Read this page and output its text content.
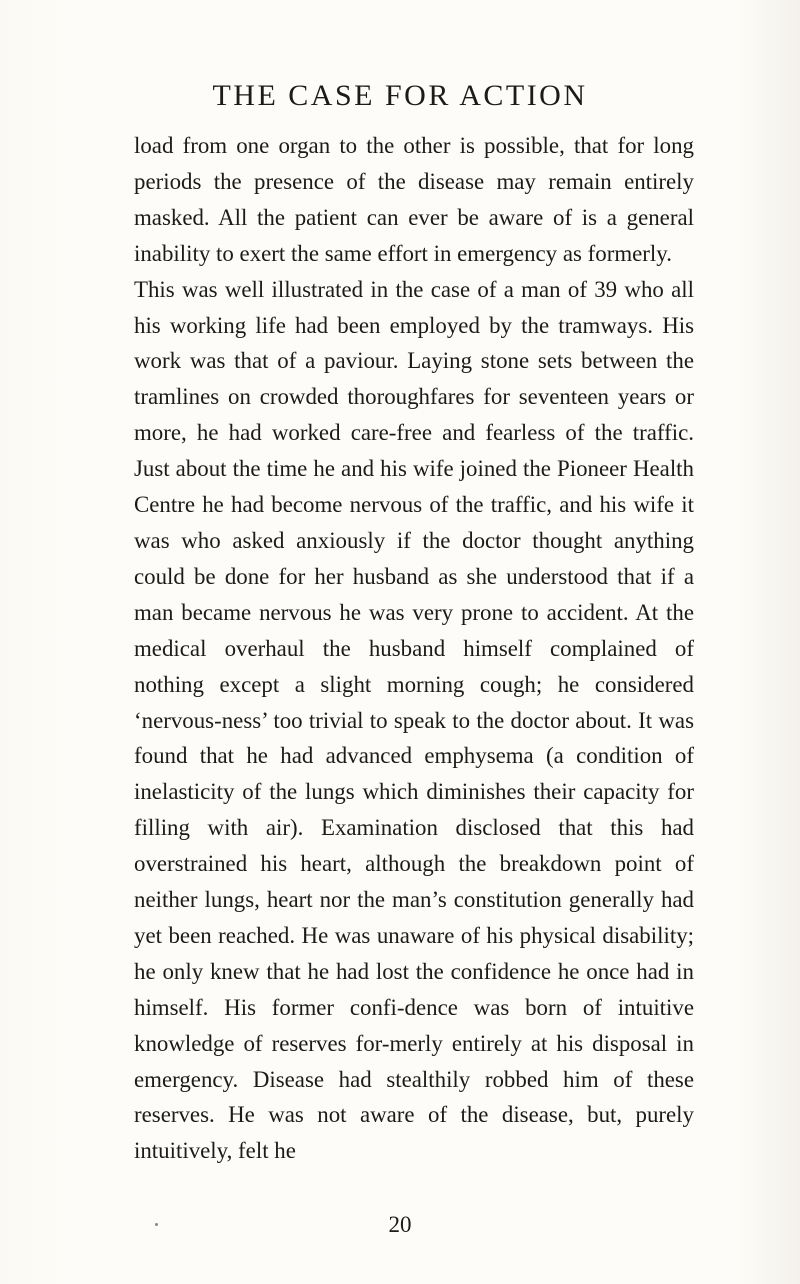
THE CASE FOR ACTION

load from one organ to the other is possible, that for long periods the presence of the disease may remain entirely masked. All the patient can ever be aware of is a general inability to exert the same effort in emergency as formerly.

This was well illustrated in the case of a man of 39 who all his working life had been employed by the tramways. His work was that of a paviour. Laying stone sets between the tramlines on crowded thoroughfares for seventeen years or more, he had worked care-free and fearless of the traffic. Just about the time he and his wife joined the Pioneer Health Centre he had become nervous of the traffic, and his wife it was who asked anxiously if the doctor thought anything could be done for her husband as she understood that if a man became nervous he was very prone to accident. At the medical overhaul the husband himself complained of nothing except a slight morning cough; he considered ‘nervous-ness’ too trivial to speak to the doctor about. It was found that he had advanced emphysema (a condition of inelasticity of the lungs which diminishes their capacity for filling with air). Examination disclosed that this had overstrained his heart, although the breakdown point of neither lungs, heart nor the man’s constitution generally had yet been reached. He was unaware of his physical disability; he only knew that he had lost the confidence he once had in himself. His former confi-dence was born of intuitive knowledge of reserves for-merly entirely at his disposal in emergency. Disease had stealthily robbed him of these reserves. He was not aware of the disease, but, purely intuitively, felt he

20
